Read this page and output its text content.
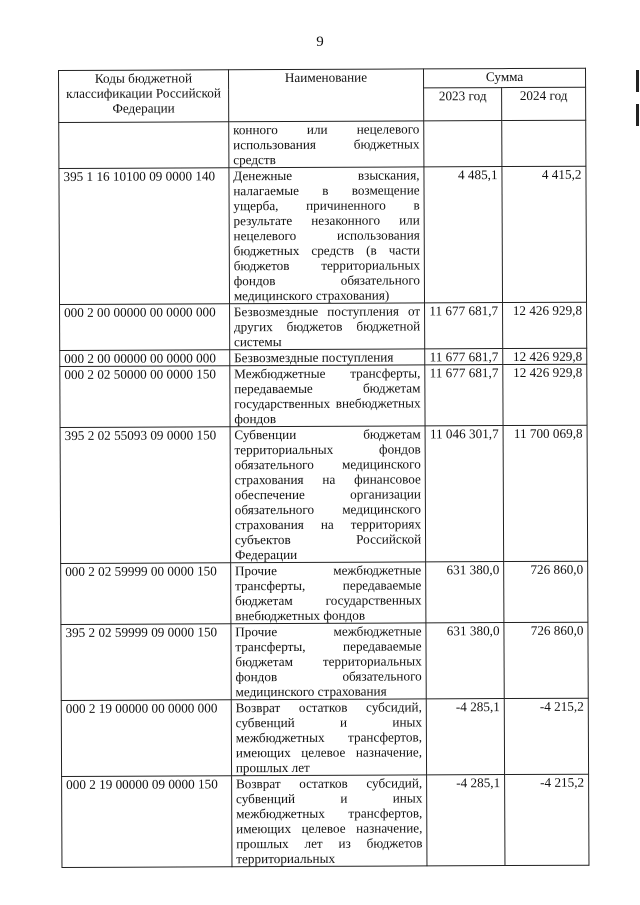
9
Коды бюджетной классификации Российской Федерации	Наименование	Сумма	
		2023 год	2024 год
	конного или нецелевого использования бюджетных средств		
395 1 16 10100 09 0000 140	Денежные взыскания, налагаемые в возмещение ущерба, причиненного в результате незаконного или нецелевого использования бюджетных средств (в части бюджетов территориальных фондов обязательного медицинского страхования)	4 485,1	4 415,2
000 2 00 00000 00 0000 000	Безвозмездные поступления от других бюджетов бюджетной системы	11 677 681,7	12 426 929,8
000 2 00 00000 00 0000 000	Безвозмездные поступления	11 677 681,7	12 426 929,8
000 2 02 50000 00 0000 150	Межбюджетные трансферты, передаваемые бюджетам государственных внебюджетных фондов	11 677 681,7	12 426 929,8
395 2 02 55093 09 0000 150	Субвенции бюджетам территориальных фондов обязательного медицинского страхования на финансовое обеспечение организации обязательного медицинского страхования на территориях субъектов Российской Федерации	11 046 301,7	11 700 069,8
000 2 02 59999 00 0000 150	Прочие межбюджетные трансферты, передаваемые бюджетам государственных внебюджетных фондов	631 380,0	726 860,0
395 2 02 59999 09 0000 150	Прочие межбюджетные трансферты, передаваемые бюджетам территориальных фондов обязательного медицинского страхования	631 380,0	726 860,0
000 2 19 00000 00 0000 000	Возврат остатков субсидий, субвенций и иных межбюджетных трансфертов, имеющих целевое назначение, прошлых лет	-4 285,1	-4 215,2
000 2 19 00000 09 0000 150	Возврат остатков субсидий, субвенций и иных межбюджетных трансфертов, имеющих целевое назначение, прошлых лет из бюджетов территориальных	-4 285,1	-4 215,2
